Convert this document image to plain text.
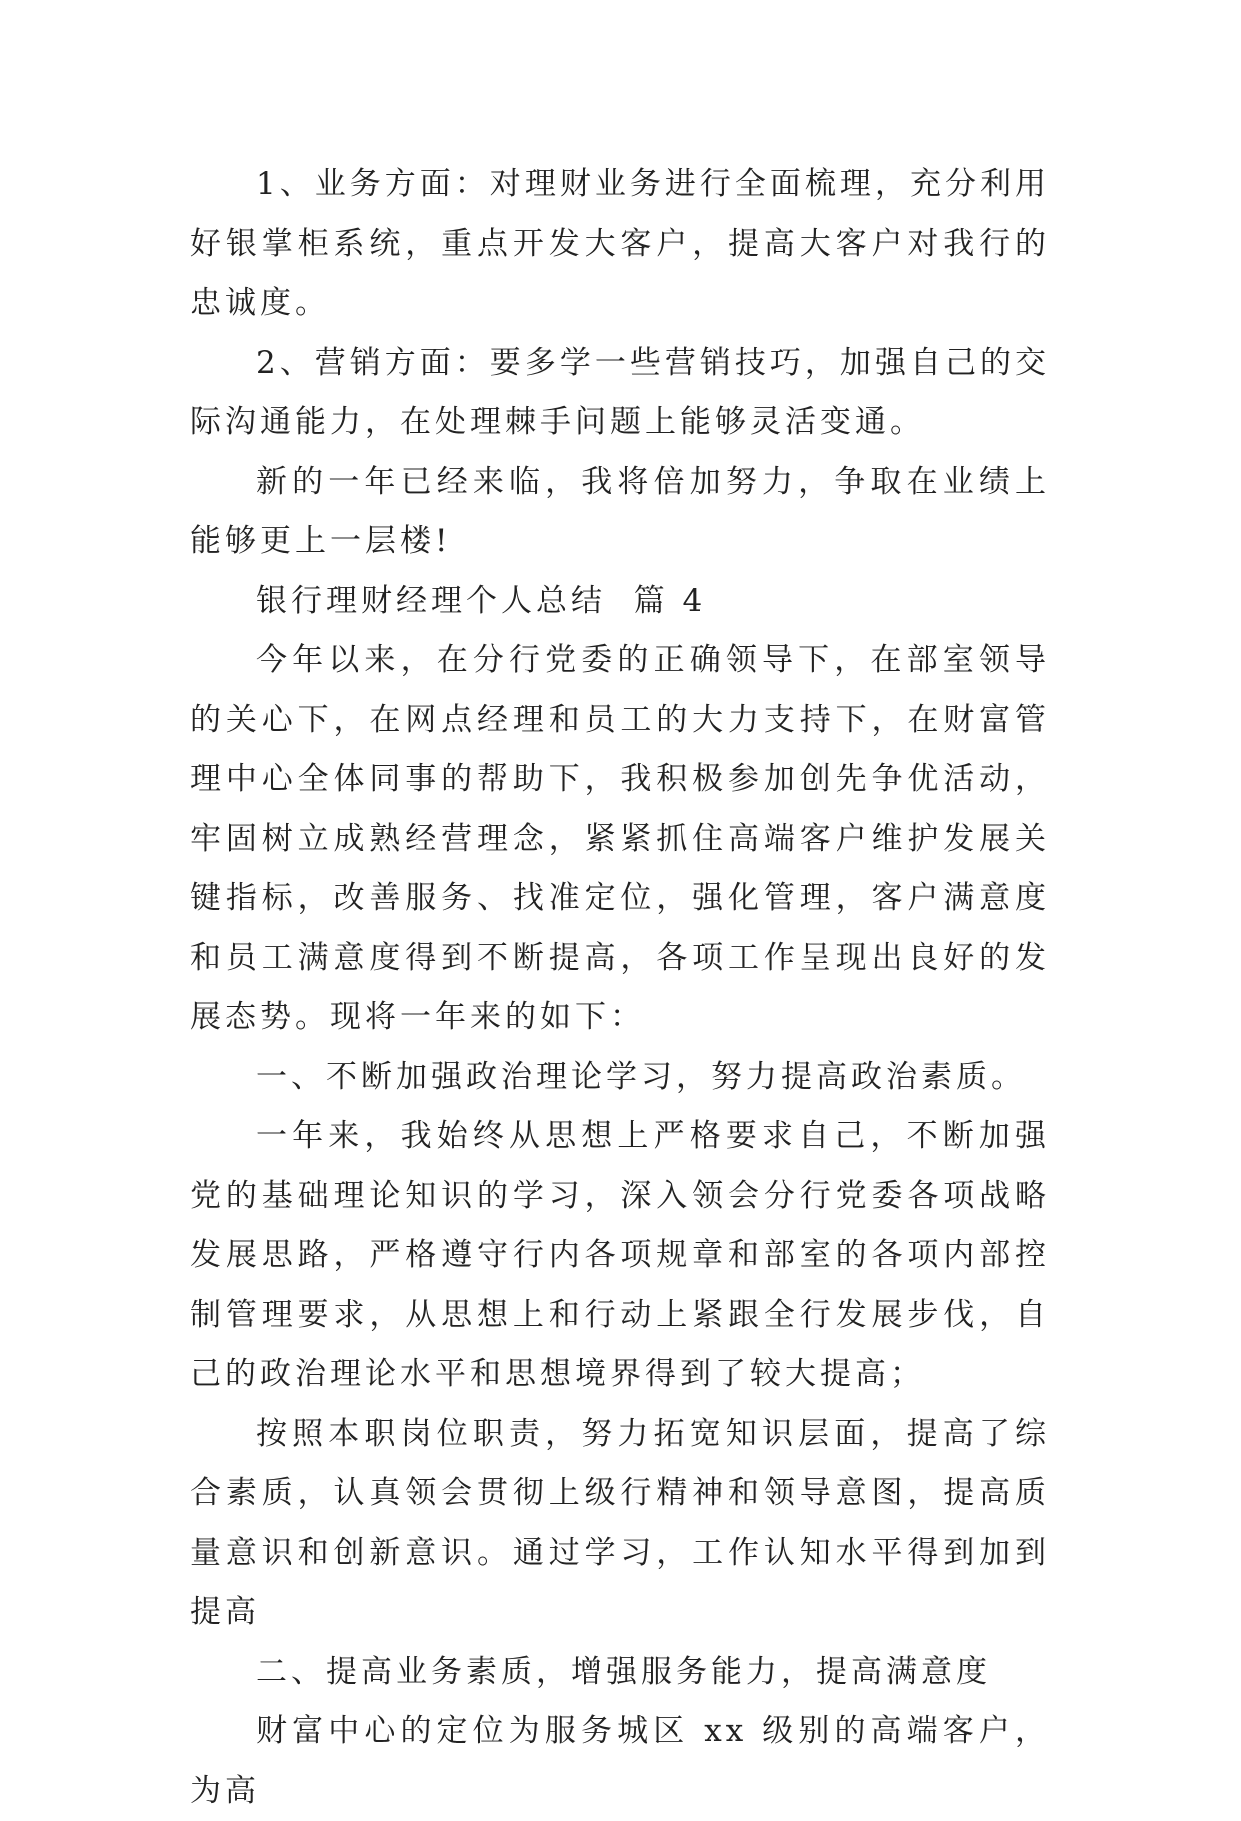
1、业务方面：对理财业务进行全面梳理，充分利用好银掌柜系统，重点开发大客户，提高大客户对我行的忠诚度。

2、营销方面：要多学一些营销技巧，加强自己的交际沟通能力，在处理棘手问题上能够灵活变通。

新的一年已经来临，我将倍加努力，争取在业绩上能够更上一层楼!

银行理财经理个人总结  篇 4

今年以来，在分行党委的正确领导下，在部室领导的关心下，在网点经理和员工的大力支持下，在财富管理中心全体同事的帮助下，我积极参加创先争优活动，牢固树立成熟经营理念，紧紧抓住高端客户维护发展关键指标，改善服务、找准定位，强化管理，客户满意度和员工满意度得到不断提高，各项工作呈现出良好的发展态势。现将一年来的如下：

一、不断加强政治理论学习，努力提高政治素质。

一年来，我始终从思想上严格要求自己，不断加强党的基础理论知识的学习，深入领会分行党委各项战略发展思路，严格遵守行内各项规章和部室的各项内部控制管理要求，从思想上和行动上紧跟全行发展步伐，自己的政治理论水平和思想境界得到了较大提高；

按照本职岗位职责，努力拓宽知识层面，提高了综合素质，认真领会贯彻上级行精神和领导意图，提高质量意识和创新意识。通过学习，工作认知水平得到加到提高

二、提高业务素质，增强服务能力，提高满意度

财富中心的定位为服务城区 xx 级别的高端客户，为高
